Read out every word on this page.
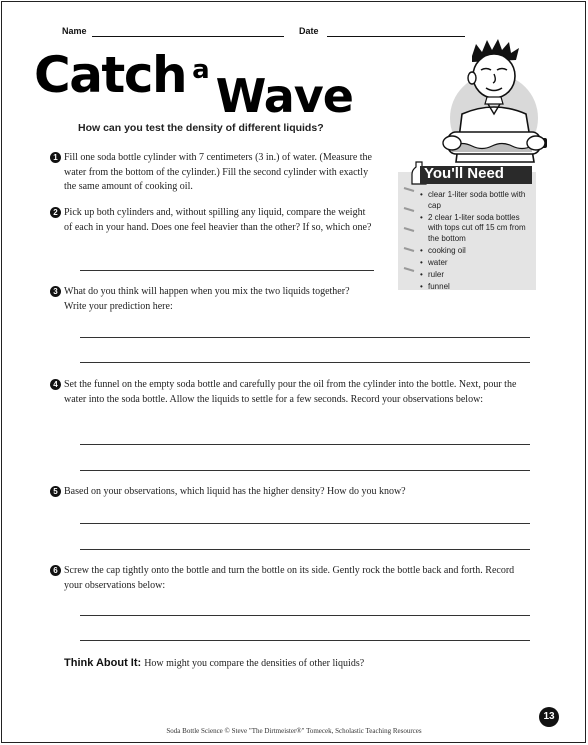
Name	Date
Catch a Wave
How can you test the density of different liquids?
You'll Need
• clear 1-liter soda bottle with cap
• 2 clear 1-liter soda bottles with tops cut off 15 cm from the bottom
• cooking oil
• water
• ruler
• funnel
1 Fill one soda bottle cylinder with 7 centimeters (3 in.) of water. (Measure the water from the bottom of the cylinder.) Fill the second cylinder with exactly the same amount of cooking oil.
2 Pick up both cylinders and, without spilling any liquid, compare the weight of each in your hand. Does one feel heavier than the other? If so, which one?
3 What do you think will happen when you mix the two liquids together? Write your prediction here:
4 Set the funnel on the empty soda bottle and carefully pour the oil from the cylinder into the bottle. Next, pour the water into the soda bottle. Allow the liquids to settle for a few seconds. Record your observations below:
5 Based on your observations, which liquid has the higher density? How do you know?
6 Screw the cap tightly onto the bottle and turn the bottle on its side. Gently rock the bottle back and forth. Record your observations below:
Think About It: How might you compare the densities of other liquids?
Soda Bottle Science © Steve "The Dirtmeister®" Tomecek, Scholastic Teaching Resources
13
